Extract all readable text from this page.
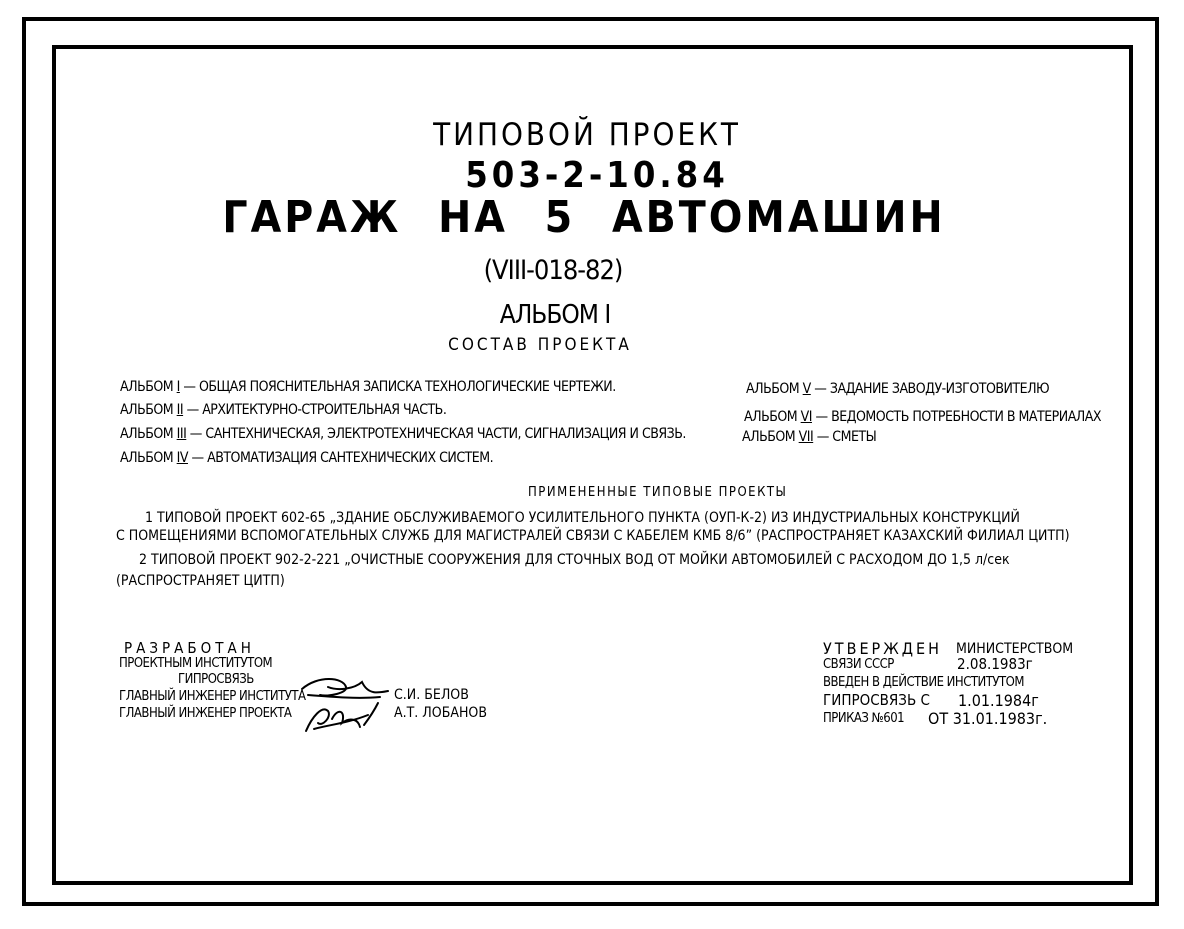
ТИПОВОЙ ПРОЕКТ
503-2-10.84
ГАРАЖ НА 5 АВТОМАШИН
(VIII-018-82)
АЛЬБОМ I
СОСТАВ ПРОЕКТА
АЛЬБОМ I — ОБЩАЯ ПОЯСНИТЕЛЬНАЯ ЗАПИСКА ТЕХНОЛОГИЧЕСКИЕ ЧЕРТЕЖИ.
АЛЬБОМ II — АРХИТЕКТУРНО-СТРОИТЕЛЬНАЯ ЧАСТЬ.
АЛЬБОМ III — САНТЕХНИЧЕСКАЯ, ЭЛЕКТРОТЕХНИЧЕСКАЯ ЧАСТИ, СИГНАЛИЗАЦИЯ И СВЯЗЬ.
АЛЬБОМ IV — АВТОМАТИЗАЦИЯ САНТЕХНИЧЕСКИХ СИСТЕМ.
АЛЬБОМ V — ЗАДАНИЕ ЗАВОДУ-ИЗГОТОВИТЕЛЮ
АЛЬБОМ VI — ВЕДОМОСТЬ ПОТРЕБНОСТИ В МАТЕРИАЛАХ
АЛЬБОМ VII — СМЕТЫ
ПРИМЕНЕННЫЕ ТИПОВЫЕ ПРОЕКТЫ
1 ТИПОВОЙ ПРОЕКТ 602-65 „ЗДАНИЕ ОБСЛУЖИВАЕМОГО УСИЛИТЕЛЬНОГО ПУНКТА (ОУП-К-2) ИЗ ИНДУСТРИАЛЬНЫХ КОНСТРУКЦИЙ
С ПОМЕЩЕНИЯМИ ВСПОМОГАТЕЛЬНЫХ СЛУЖБ ДЛЯ МАГИСТРАЛЕЙ СВЯЗИ С КАБЕЛЕМ КМБ 8/6” (РАСПРОСТРАНЯЕТ КАЗАХСКИЙ ФИЛИАЛ ЦИТП)
2 ТИПОВОЙ ПРОЕКТ 902-2-221 „ОЧИСТНЫЕ СООРУЖЕНИЯ ДЛЯ СТОЧНЫХ ВОД ОТ МОЙКИ АВТОМОБИЛЕЙ С РАСХОДОМ ДО 1,5 л/сек
(РАСПРОСТРАНЯЕТ ЦИТП)
РАЗРАБОТАН
ПРОЕКТНЫМ ИНСТИТУТОМ
ГИПРОСВЯЗЬ
ГЛАВНЫЙ ИНЖЕНЕР ИНСТИТУТА
ГЛАВНЫЙ ИНЖЕНЕР ПРОЕКТА
С.И. БЕЛОВ
А.Т. ЛОБАНОВ
УТВЕРЖДЕН МИНИСТЕРСТВОМ
СВЯЗИ СССР	2.08.1983г
ВВЕДЕН В ДЕЙСТВИЕ ИНСТИТУТОМ
ГИПРОСВЯЗЬ С 1.01.1984г
ПРИКАЗ №601 ОТ 31.01.1983г.
